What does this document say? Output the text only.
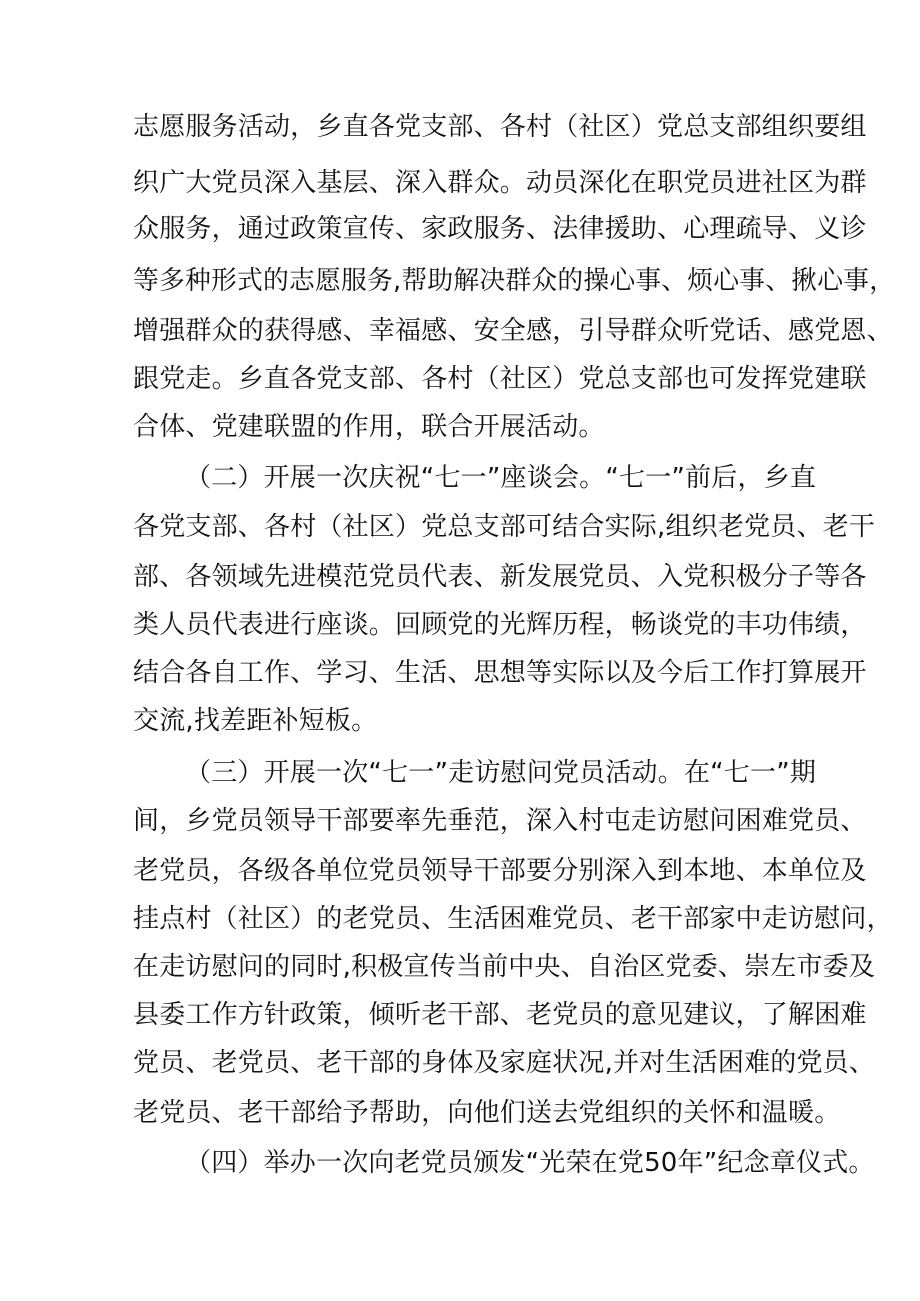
志愿服务活动，乡直各党支部、各村（社区）党总支部组织要组
织广大党员深入基层、深入群众。动员深化在职党员进社区为群
众服务，通过政策宣传、家政服务、法律援助、心理疏导、义诊
等多种形式的志愿服务,帮助解决群众的操心事、烦心事、揪心事，
增强群众的获得感、幸福感、安全感，引导群众听党话、感党恩、
跟党走。乡直各党支部、各村（社区）党总支部也可发挥党建联
合体、党建联盟的作用，联合开展活动。
（二）开展一次庆祝“七一”座谈会。“七一”前后，乡直
各党支部、各村（社区）党总支部可结合实际,组织老党员、老干
部、各领域先进模范党员代表、新发展党员、入党积极分子等各
类人员代表进行座谈。回顾党的光辉历程，畅谈党的丰功伟绩，
结合各自工作、学习、生活、思想等实际以及今后工作打算展开
交流,找差距补短板。
（三）开展一次“七一”走访慰问党员活动。在“七一”期
间，乡党员领导干部要率先垂范，深入村屯走访慰问困难党员、
老党员，各级各单位党员领导干部要分别深入到本地、本单位及
挂点村（社区）的老党员、生活困难党员、老干部家中走访慰问，
在走访慰问的同时,积极宣传当前中央、自治区党委、崇左市委及
县委工作方针政策，倾听老干部、老党员的意见建议，了解困难
党员、老党员、老干部的身体及家庭状况,并对生活困难的党员、
老党员、老干部给予帮助，向他们送去党组织的关怀和温暖。
（四）举办一次向老党员颁发“光荣在党50年”纪念章仪式。
